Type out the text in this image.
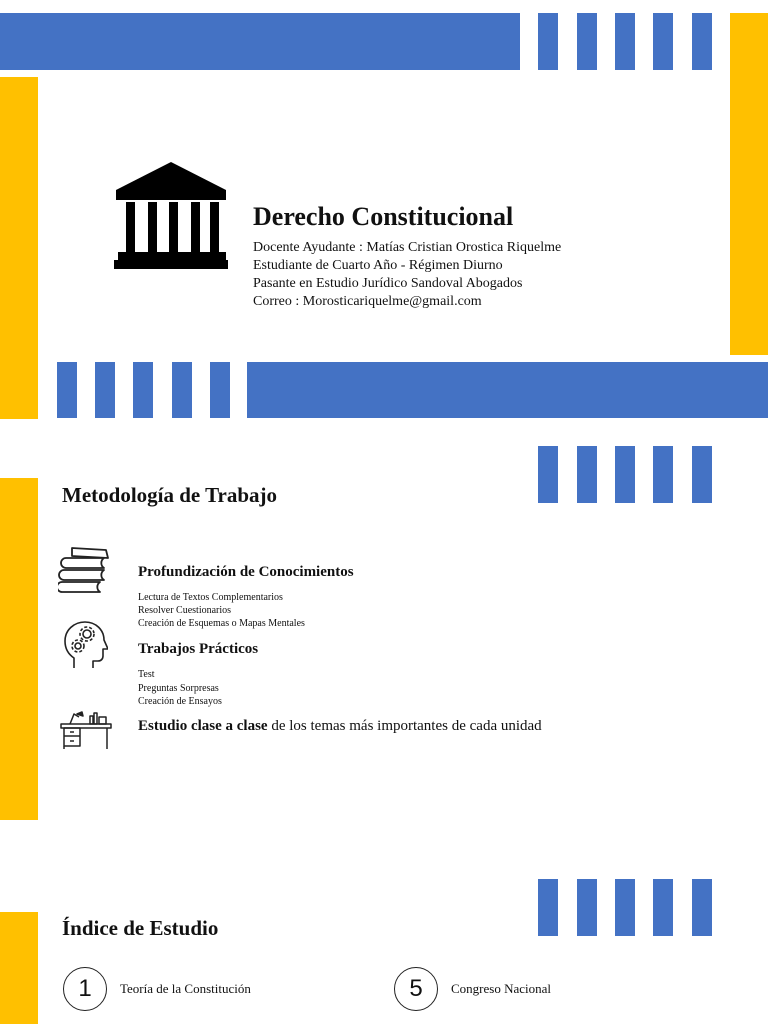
Derecho Constitucional
Docente Ayudante : Matías Cristian Orostica Riquelme
Estudiante de Cuarto Año - Régimen Diurno
Pasante en Estudio Jurídico Sandoval Abogados
Correo : Morosticariquelme@gmail.com
Metodología de Trabajo
Profundización de Conocimientos
Lectura de Textos Complementarios
Resolver Cuestionarios
Creación de Esquemas o Mapas Mentales
Trabajos Prácticos
Test
Preguntas Sorpresas
Creación de Ensayos
Estudio clase a clase de los temas más importantes de cada unidad
Índice de Estudio
1	Teoría de la Constitución	5	Congreso Nacional
